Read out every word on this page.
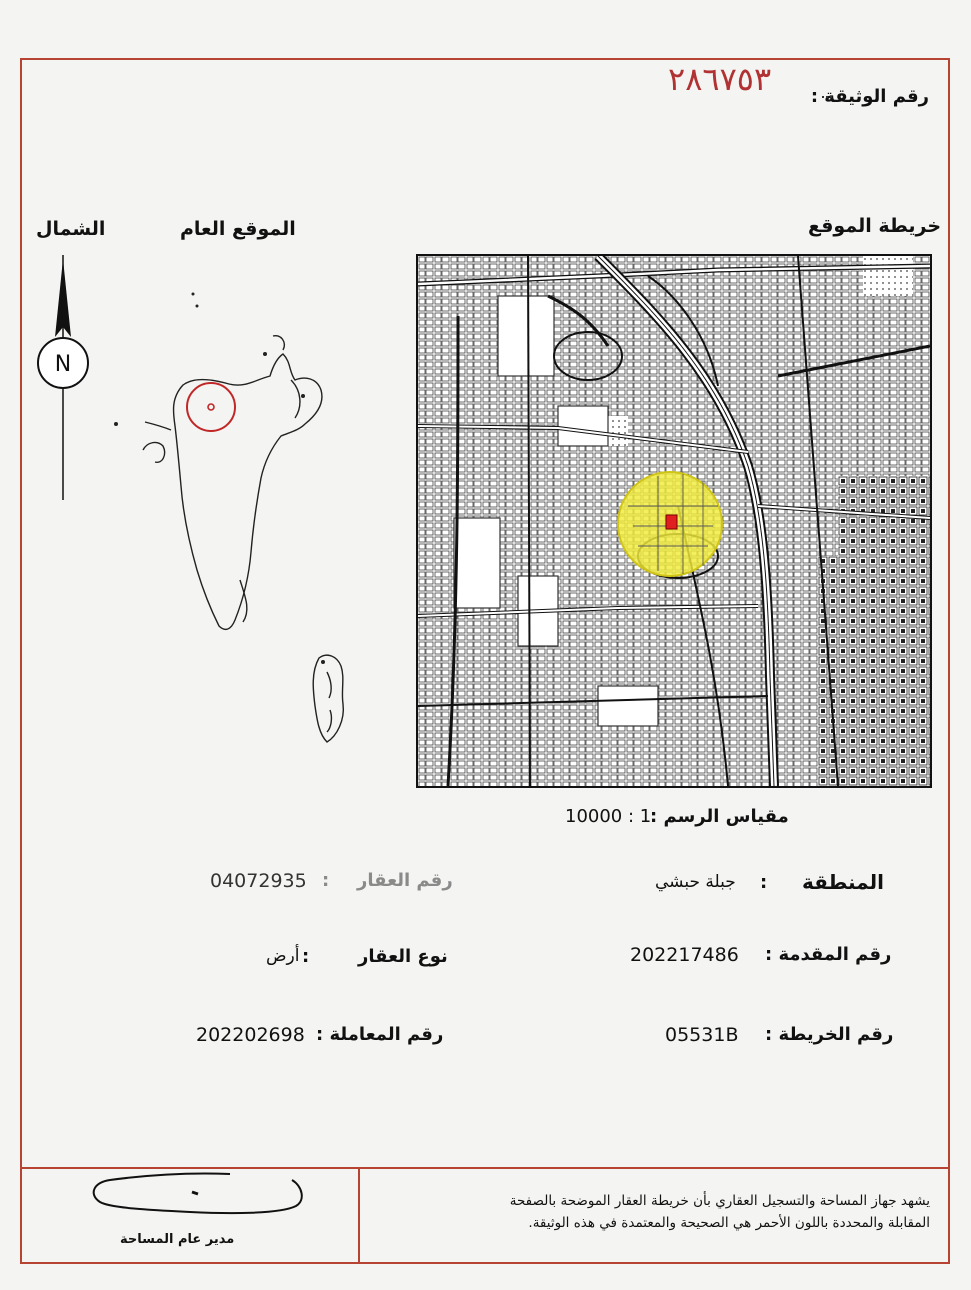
رقم الوثيقة :
٢٨٦٧٥٣
الموقع العام
الشمال
N
خريطة الموقع
مقياس الرسم :
10000 : 1
المنطقة
:
جبلة حبشي
رقم المقدمة :
202217486
رقم الخريطة :
05531B
رقم العقار
:
04072935
نوع العقار
:
أرض
رقم المعاملة :
202202698
يشهد جهاز المساحة والتسجيل العقاري بأن خريطة العقار الموضحة بالصفحة
المقابلة والمحددة باللون الأحمر هي الصحيحة والمعتمدة في هذه الوثيقة.
مدير عام المساحة
